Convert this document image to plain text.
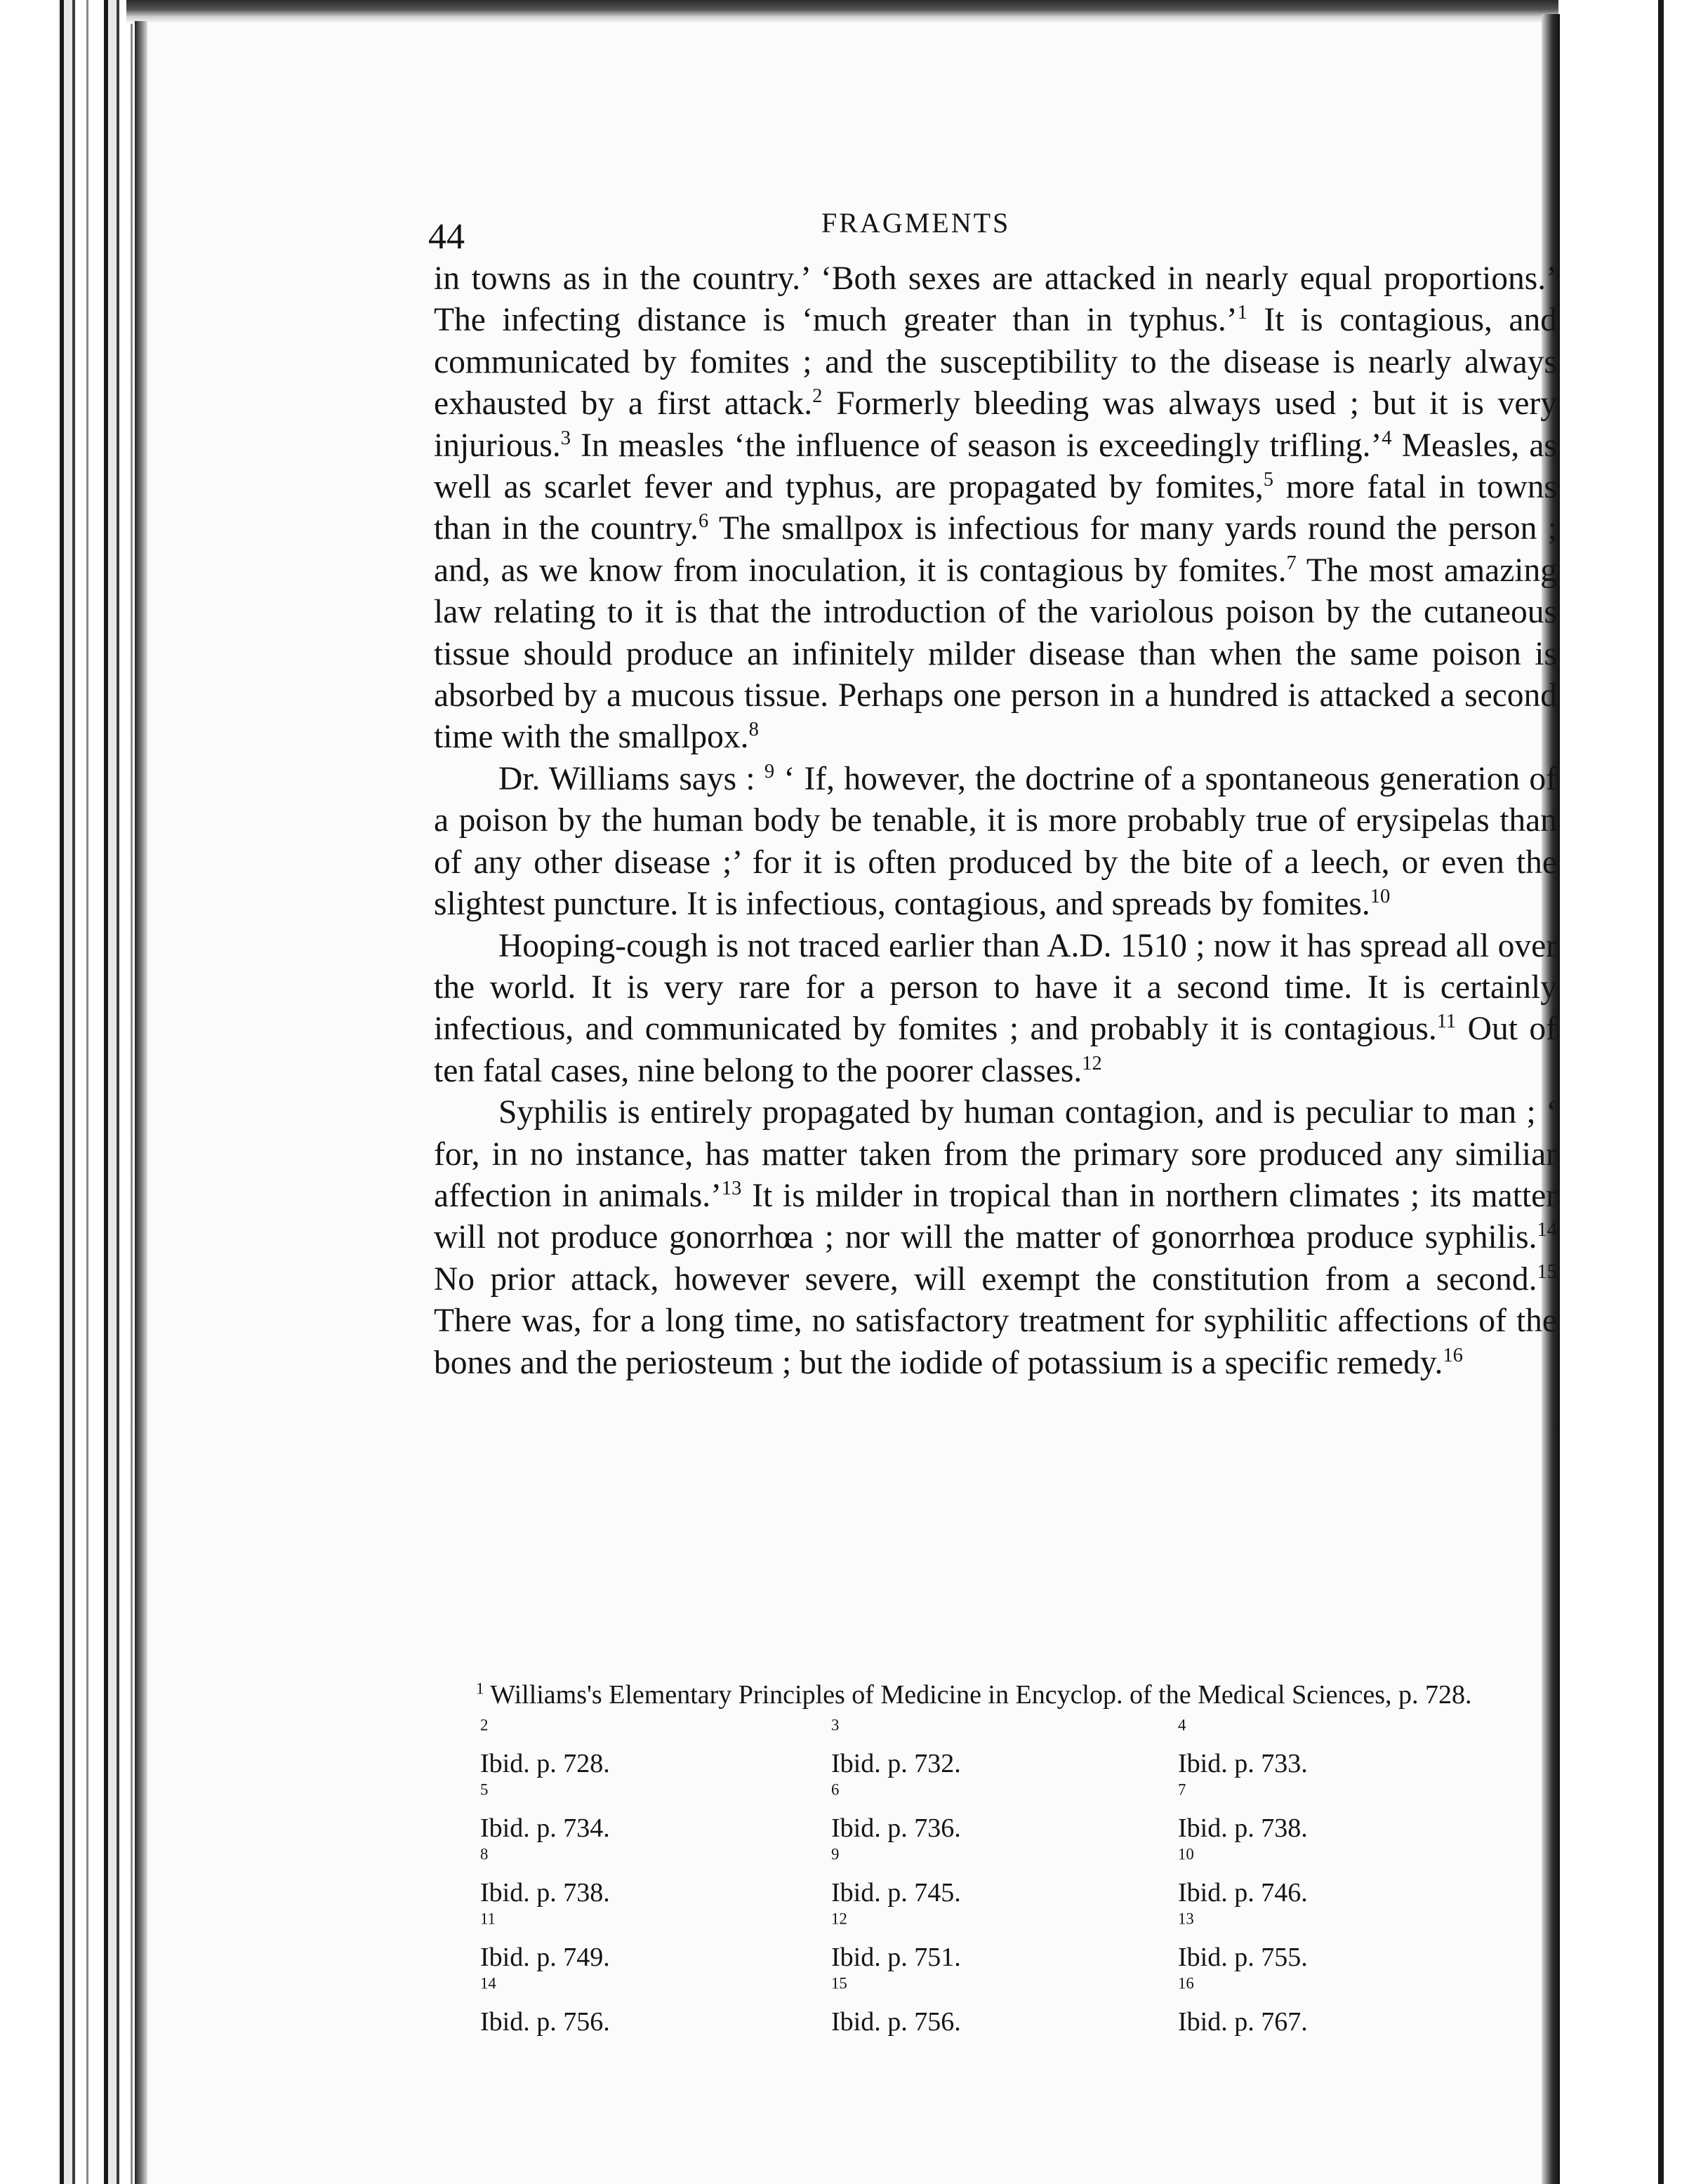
44	FRAGMENTS

in towns as in the country.’ ‘Both sexes are attacked in nearly equal proportions.’ The infecting distance is ‘much greater than in typhus.’$^1$ It is contagious, and communicated by fomites ; and the susceptibility to the disease is nearly always exhausted by a first attack.$^2$ Formerly bleeding was always used ; but it is very injurious.$^3$ In measles ‘the influence of season is exceedingly trifling.’$^4$ Measles, as well as scarlet fever and typhus, are propagated by fomites,$^5$ more fatal in towns than in the country.$^6$ The smallpox is infectious for many yards round the person ; and, as we know from inoculation, it is contagious by fomites.$^7$ The most amazing law relating to it is that the introduction of the variolous poison by the cutaneous tissue should produce an infinitely milder disease than when the same poison is absorbed by a mucous tissue. Perhaps one person in a hundred is attacked a second time with the smallpox.$^8$

Dr. Williams says : $^9$ ‘ If, however, the doctrine of a spontaneous generation of a poison by the human body be tenable, it is more probably true of erysipelas than of any other disease ;’ for it is often produced by the bite of a leech, or even the slightest puncture. It is infectious, contagious, and spreads by fomites.$^{10}$

Hooping-cough is not traced earlier than A.D. 1510 ; now it has spread all over the world. It is very rare for a person to have it a second time. It is certainly infectious, and communicated by fomites ; and probably it is contagious.$^{11}$ Out of ten fatal cases, nine belong to the poorer classes.$^{12}$

Syphilis is entirely propagated by human contagion, and is peculiar to man ; ‘ for, in no instance, has matter taken from the primary sore produced any similiar affection in animals.’$^{13}$ It is milder in tropical than in northern climates ; its matter will not produce gonorrhœa ; nor will the matter of gonorrhœa produce syphilis.$^{14}$ No prior attack, however severe, will exempt the constitution from a second.$^{15}$ There was, for a long time, no satisfactory treatment for syphilitic affections of the bones and the periosteum ; but the iodide of potassium is a specific remedy.$^{16}$

$^1$ Williams's Elementary Principles of Medicine in Encyclop. of the Medical Sciences, p. 728.
$^2$
Ibid. p. 728.
$^3$
Ibid. p. 732.
$^4$
Ibid. p. 733.
$^5$
Ibid. p. 734.
$^6$
Ibid. p. 736.
$^7$
Ibid. p. 738.
$^8$
Ibid. p. 738.
$^9$
Ibid. p. 745.
$^{10}$
Ibid. p. 746.
$^{11}$
Ibid. p. 749.
$^{12}$
Ibid. p. 751.
$^{13}$
Ibid. p. 755.
$^{14}$
Ibid. p. 756.
$^{15}$
Ibid. p. 756.
$^{16}$
Ibid. p. 767.
